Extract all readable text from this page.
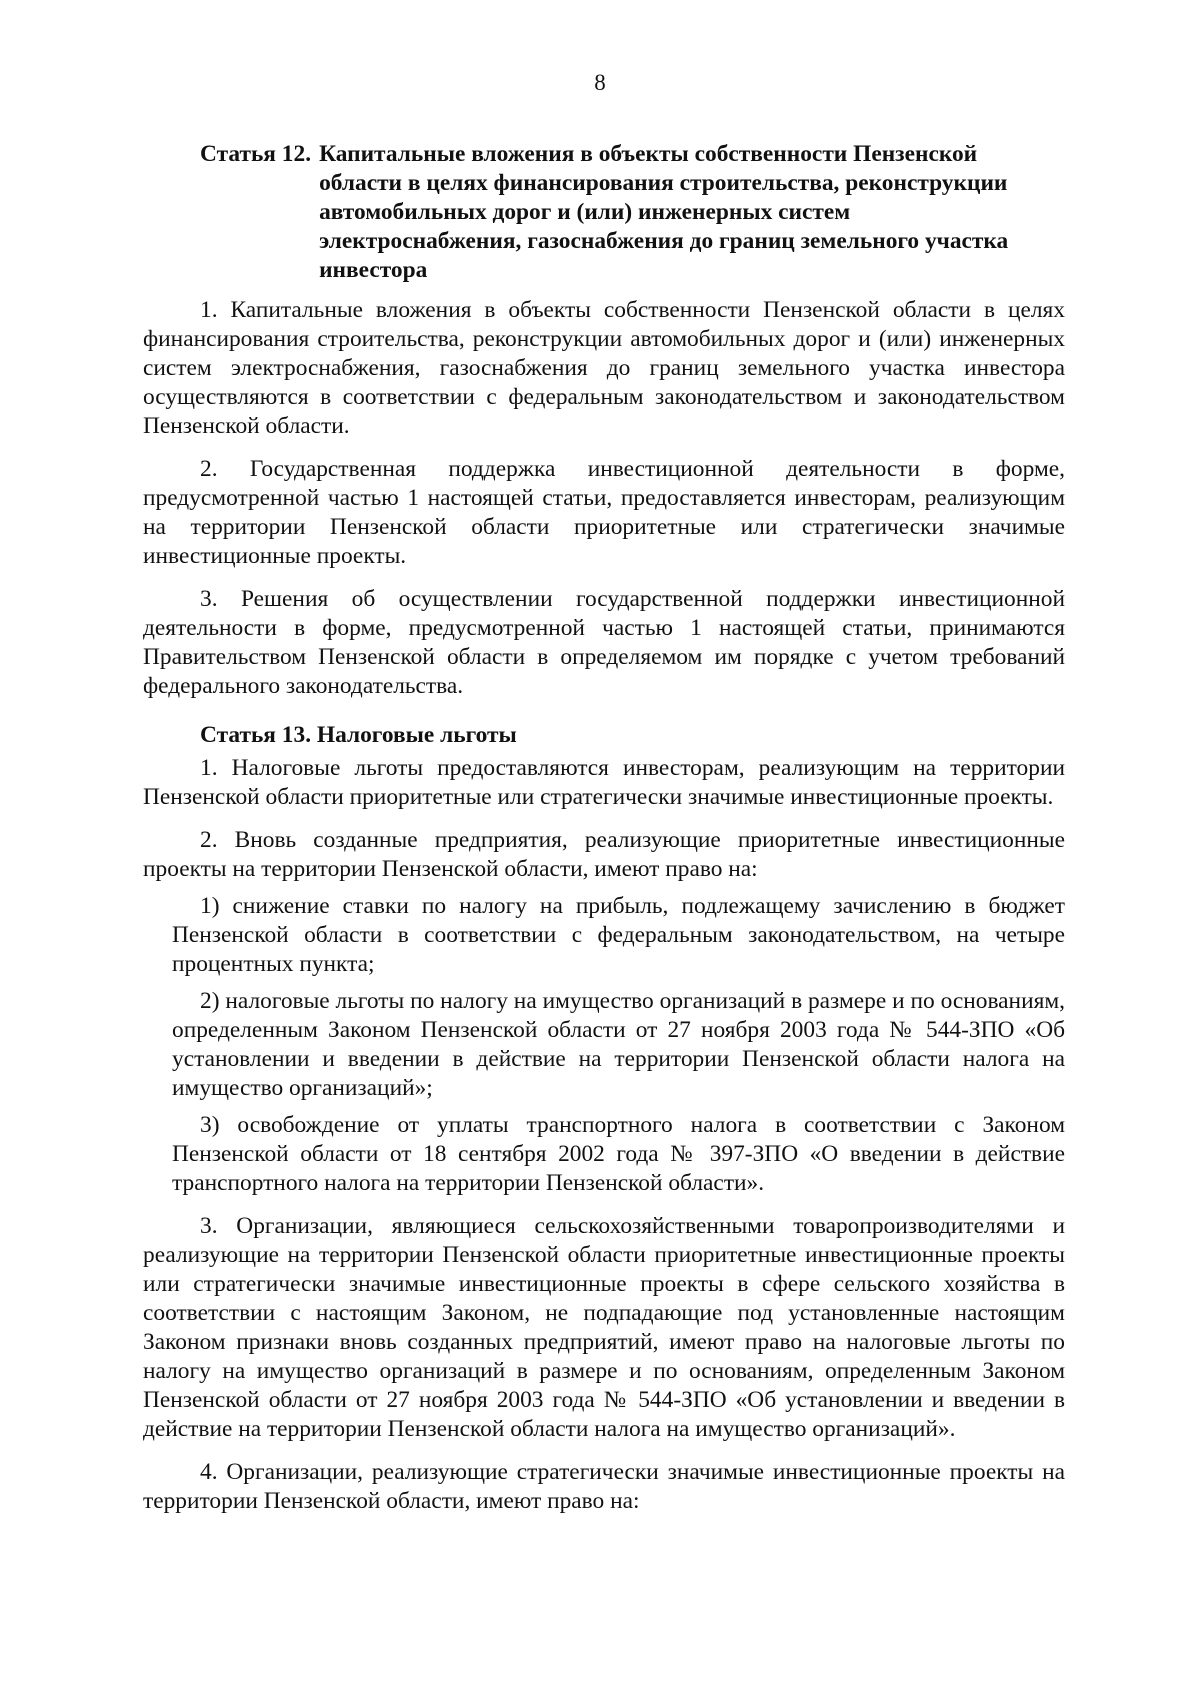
8
Статья 12. Капитальные вложения в объекты собственности Пензенской области в целях финансирования строительства, реконструкции автомобильных дорог и (или) инженерных систем электроснабжения, газоснабжения до границ земельного участка инвестора

1. Капитальные вложения в объекты собственности Пензенской области в целях финансирования строительства, реконструкции автомобильных дорог и (или) инженерных систем электроснабжения, газоснабжения до границ земельного участка инвестора осуществляются в соответствии с федеральным законодательством и законодательством Пензенской области.

2. Государственная поддержка инвестиционной деятельности в форме, предусмотренной частью 1 настоящей статьи, предоставляется инвесторам, реализующим на территории Пензенской области приоритетные или стратегически значимые инвестиционные проекты.

3. Решения об осуществлении государственной поддержки инвестиционной деятельности в форме, предусмотренной частью 1 настоящей статьи, принимаются Правительством Пензенской области в определяемом им порядке с учетом требований федерального законодательства.

Статья 13. Налоговые льготы

1. Налоговые льготы предоставляются инвесторам, реализующим на территории Пензенской области приоритетные или стратегически значимые инвестиционные проекты.

2. Вновь созданные предприятия, реализующие приоритетные инвестиционные проекты на территории Пензенской области, имеют право на:

1) снижение ставки по налогу на прибыль, подлежащему зачислению в бюджет Пензенской области в соответствии с федеральным законодательством, на четыре процентных пункта;

2) налоговые льготы по налогу на имущество организаций в размере и по основаниям, определенным Законом Пензенской области от 27 ноября 2003 года № 544-ЗПО «Об установлении и введении в действие на территории Пензенской области налога на имущество организаций»;

3) освобождение от уплаты транспортного налога в соответствии с Законом Пензенской области от 18 сентября 2002 года № 397-ЗПО «О введении в действие транспортного налога на территории Пензенской области».

3. Организации, являющиеся сельскохозяйственными товаропроизводителями и реализующие на территории Пензенской области приоритетные инвестиционные проекты или стратегически значимые инвестиционные проекты в сфере сельского хозяйства в соответствии с настоящим Законом, не подпадающие под установленные настоящим Законом признаки вновь созданных предприятий, имеют право на налоговые льготы по налогу на имущество организаций в размере и по основаниям, определенным Законом Пензенской области от 27 ноября 2003 года № 544-ЗПО «Об установлении и введении в действие на территории Пензенской области налога на имущество организаций».

4. Организации, реализующие стратегически значимые инвестиционные проекты на территории Пензенской области, имеют право на:
